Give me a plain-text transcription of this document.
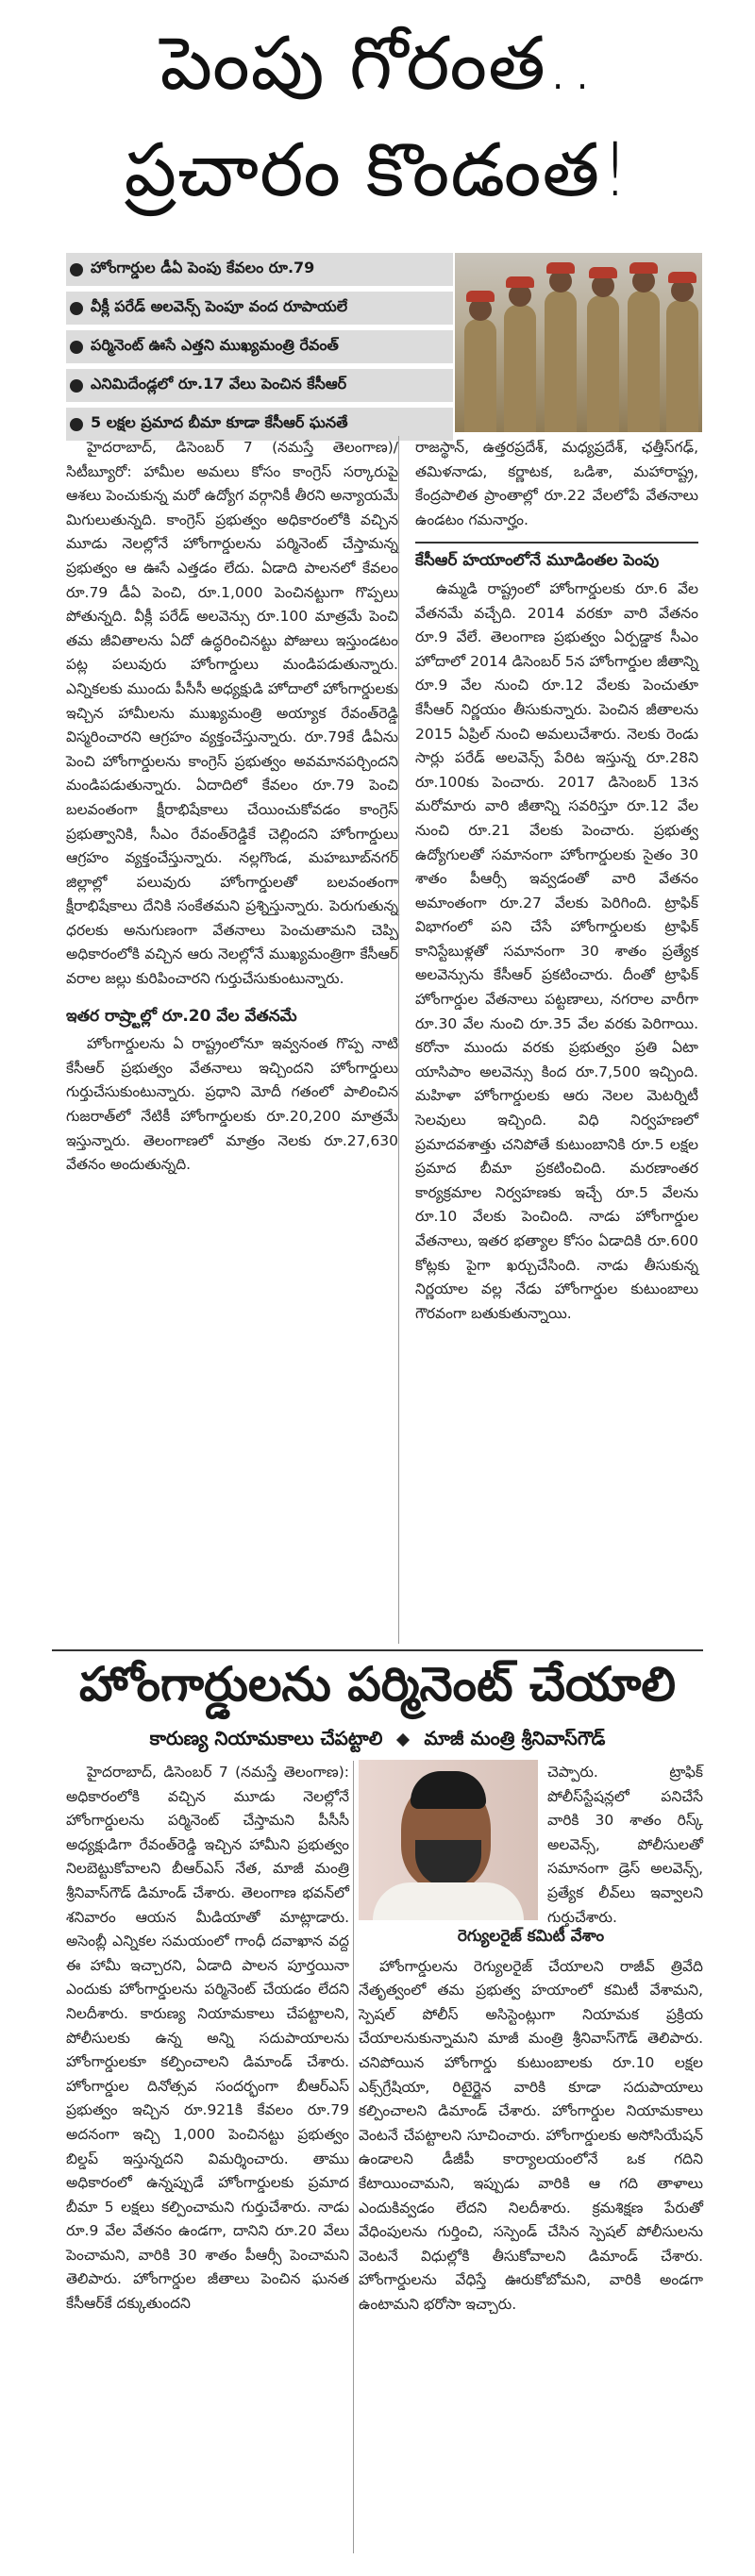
పెంపు గోరంత..
ప్రచారం కొండంత!
హోంగార్డుల డీఏ పెంపు కేవలం రూ.79
వీక్లీ పరేడ్ అలవెన్స్ పెంపూ వంద రూపాయలే
పర్మినెంట్ ఊసే ఎత్తని ముఖ్యమంత్రి రేవంత్
ఎనిమిదేండ్లలో రూ.17 వేలు పెంచిన కేసీఆర్
5 లక్షల ప్రమాద బీమా కూడా కేసీఆర్ ఘనతే

హైదరాబాద్, డిసెంబర్ 7 (నమస్తే తెలంగాణ)/సిటీబ్యూరో: హామీల అమలు కోసం కాంగ్రెస్ సర్కారుపై ఆశలు పెంచుకున్న మరో ఉద్యోగ వర్గానికీ తీరని అన్యాయమే మిగులుతున్నది. కాంగ్రెస్ ప్రభుత్వం అధికారంలోకి వచ్చిన మూడు నెలల్లోనే హోంగార్డులను పర్మినెంట్ చేస్తామన్న ప్రభుత్వం ఆ ఊసే ఎత్తడం లేదు. ఏడాది పాలనలో కేవలం రూ.79 డీఏ పెంచి, రూ.1,000 పెంచినట్టుగా గొప్పలు పోతున్నది. వీక్లీ పరేడ్ అలవెన్సు రూ.100 మాత్రమే పెంచి తమ జీవితాలను ఏదో ఉద్ధరించినట్టు పోజులు ఇస్తుండటం పట్ల పలువురు హోంగార్డులు మండిపడుతున్నారు. ఎన్నికలకు ముందు పీసీసీ అధ్యక్షుడి హోదాలో హోంగార్డులకు ఇచ్చిన హామీలను ముఖ్యమంత్రి అయ్యాక రేవంత్‌రెడ్డి విస్మరించారని ఆగ్రహం వ్యక్తంచేస్తున్నారు. రూ.79కే డీఏను పెంచి హోంగార్డులను కాంగ్రెస్ ప్రభుత్వం అవమానపర్చిందని మండిపడుతున్నారు. ఏదాదిలో కేవలం రూ.79 పెంచి బలవంతంగా క్షీరాభిషేకాలు చేయించుకోవడం కాంగ్రెస్ ప్రభుత్వానికి, సీఎం రేవంత్‌రెడ్డికే చెల్లిందని హోంగార్డులు ఆగ్రహం వ్యక్తంచేస్తున్నారు. నల్లగొండ, మహబూబ్‌నగర్ జిల్లాల్లో పలువురు హోంగార్డులతో బలవంతంగా క్షీరాభిషేకాలు దేనికి సంకేతమని ప్రశ్నిస్తున్నారు. పెరుగుతున్న ధరలకు అనుగుణంగా వేతనాలు పెంచుతామని చెప్పి అధికారంలోకి వచ్చిన ఆరు నెలల్లోనే ముఖ్యమంత్రిగా కేసీఆర్ వరాల జల్లు కురిపించారని గుర్తుచేసుకుంటున్నారు.

ఇతర రాష్ర్టాల్లో రూ.20 వేల వేతనమే

హోంగార్డులను ఏ రాష్ట్రంలోనూ ఇవ్వనంత గొప్ప నాటి కేసీఆర్ ప్రభుత్వం వేతనాలు ఇచ్చిందని హోంగార్డులు గుర్తుచేసుకుంటున్నారు. ప్రధాని మోదీ గతంలో పాలించిన గుజరాత్‌లో నేటికీ హోంగార్డులకు రూ.20,200 మాత్రమే ఇస్తున్నారు. తెలంగాణలో మాత్రం నెలకు రూ.27,630 వేతనం అందుతున్నది.

రాజస్థాన్, ఉత్తరప్రదేశ్, మధ్యప్రదేశ్, ఛత్తీస్‌గఢ్, తమిళనాడు, కర్ణాటక, ఒడిశా, మహారాష్ట్ర, కేంద్రపాలిత ప్రాంతాల్లో రూ.22 వేలలోపే వేతనాలు ఉండటం గమనార్హం.

కేసీఆర్ హయాంలోనే మూడింతల పెంపు

ఉమ్మడి రాష్ట్రంలో హోంగార్డులకు రూ.6 వేల వేతనమే వచ్చేది. 2014 వరకూ వారి వేతనం రూ.9 వేలే. తెలంగాణ ప్రభుత్వం ఏర్పడ్డాక సీఎం హోదాలో 2014 డిసెంబర్ 5న హోంగార్డుల జీతాన్ని రూ.9 వేల నుంచి రూ.12 వేలకు పెంచుతూ కేసీఆర్ నిర్ణయం తీసుకున్నారు. పెంచిన జీతాలను 2015 ఏప్రిల్ నుంచి అమలుచేశారు. నెలకు రెండు సార్లు పరేడ్ అలవెన్స్ పేరిట ఇస్తున్న రూ.28ని రూ.100కు పెంచారు. 2017 డిసెంబర్ 13న మరోమారు వారి జీతాన్ని సవరిస్తూ రూ.12 వేల నుంచి రూ.21 వేలకు పెంచారు. ప్రభుత్వ ఉద్యోగులతో సమానంగా హోంగార్డులకు సైతం 30 శాతం పీఆర్సీ ఇవ్వడంతో వారి వేతనం అమాంతంగా రూ.27 వేలకు పెరిగింది. ట్రాఫిక్ విభాగంలో పని చేసే హోంగార్డులకు ట్రాఫిక్ కానిస్టేబుళ్లతో సమానంగా 30 శాతం ప్రత్యేక అలవెన్సును కేసీఆర్ ప్రకటించారు. దీంతో ట్రాఫిక్ హోంగార్డుల వేతనాలు పట్టణాలు, నగరాల వారీగా రూ.30 వేల నుంచి రూ.35 వేల వరకు పెరిగాయి. కరోనా ముందు వరకు ప్రభుత్వం ప్రతి ఏటా యాసిపాం అలవెన్సు కింద రూ.7,500 ఇచ్చింది. మహిళా హోంగార్డులకు ఆరు నెలల మెటర్నిటీ సెలవులు ఇచ్చింది. విధి నిర్వహణలో ప్రమాదవశాత్తు చనిపోతే కుటుంబానికి రూ.5 లక్షల ప్రమాద బీమా ప్రకటించింది. మరణాంతర కార్యక్రమాల నిర్వహణకు ఇచ్చే రూ.5 వేలను రూ.10 వేలకు పెంచింది. నాడు హోంగార్డుల వేతనాలు, ఇతర భత్యాల కోసం ఏడాదికి రూ.600 కోట్లకు పైగా ఖర్చుచేసింది. నాడు తీసుకున్న నిర్ణయాల వల్ల నేడు హోంగార్డుల కుటుంబాలు గౌరవంగా బతుకుతున్నాయి.

హోంగార్డులను పర్మినెంట్ చేయాలి
కారుణ్య నియామకాలు చేపట్టాలి మాజీ మంత్రి శ్రీనివాస్‌గౌడ్

హైదరాబాద్, డిసెంబర్ 7 (నమస్తే తెలంగాణ): అధికారంలోకి వచ్చిన మూడు నెలల్లోనే హోంగార్డులను పర్మినెంట్ చేస్తామని పీసీసీ అధ్యక్షుడిగా రేవంత్‌రెడ్డి ఇచ్చిన హామీని ప్రభుత్వం నిలబెట్టుకోవాలని బీఆర్‌ఎస్ నేత, మాజీ మంత్రి శ్రీనివాస్‌గౌడ్ డిమాండ్ చేశారు. తెలంగాణ భవన్‌లో శనివారం ఆయన మీడియాతో మాట్లాడారు. అసెంబ్లీ ఎన్నికల సమయంలో గాంధీ దవాఖాన వద్ద ఈ హామీ ఇచ్చారని, ఏడాది పాలన పూర్తయినా ఎందుకు హోంగార్డులను పర్మినెంట్ చేయడం లేదని నిలదీశారు. కారుణ్య నియామకాలు చేపట్టాలని, పోలీసులకు ఉన్న అన్ని సదుపాయాలను హోంగార్డులకూ కల్పించాలని డిమాండ్ చేశారు. హోంగార్డుల దినోత్సవ సందర్భంగా బీఆర్‌ఎస్ ప్రభుత్వం ఇచ్చిన రూ.921కి కేవలం రూ.79 అదనంగా ఇచ్చి 1,000 పెంచినట్టు ప్రభుత్వం బిల్డప్ ఇస్తున్నదని విమర్శించారు. తాము అధికారంలో ఉన్నప్పుడే హోంగార్డులకు ప్రమాద బీమా 5 లక్షలు కల్పించామని గుర్తుచేశారు. నాడు రూ.9 వేల వేతనం ఉండగా, దానిని రూ.20 వేలు పెంచామని, వారికి 30 శాతం పీఆర్సీ పెంచామని తెలిపారు. హోంగార్డుల జీతాలు పెంచిన ఘనత కేసీఆర్‌కే దక్కుతుందని

చెప్పారు. ట్రాఫిక్ పోలీస్‌స్టేషన్లలో పనిచేసే వారికి 30 శాతం రిస్క్ అలవెన్స్, పోలీసులతో సమానంగా డ్రెస్ అలవెన్స్, ప్రత్యేక లీవ్‌లు ఇవ్వాలని గుర్తుచేశారు.

రెగ్యులరైజ్ కమిటీ వేశాం

హోంగార్డులను రెగ్యులరైజ్ చేయాలని రాజీవ్ త్రివేది నేతృత్వంలో తమ ప్రభుత్వ హయాంలో కమిటీ వేశామని, స్పెషల్ పోలీస్ అసిస్టెంట్లుగా నియామక ప్రక్రియ చేయాలనుకున్నామని మాజీ మంత్రి శ్రీనివాస్‌గౌడ్ తెలిపారు. చనిపోయిన హోంగార్డు కుటుంబాలకు రూ.10 లక్షల ఎక్స్‌గ్రేషియా, రిటైర్డైన వారికి కూడా సదుపాయాలు కల్పించాలని డిమాండ్ చేశారు. హోంగార్డుల నియామకాలు వెంటనే చేపట్టాలని సూచించారు. హోంగార్డులకు అసోసియేషన్ ఉండాలని డీజీపీ కార్యాలయంలోనే ఒక గదిని కేటాయించామని, ఇప్పుడు వారికి ఆ గది తాళాలు ఎందుకివ్వడం లేదని నిలదీశారు. క్రమశిక్షణ పేరుతో వేధింపులను గుర్తించి, సస్పెండ్ చేసిన స్పెషల్ పోలీసులను వెంటనే విధుల్లోకి తీసుకోవాలని డిమాండ్ చేశారు. హోంగార్డులను వేధిస్తే ఊరుకోబోమని, వారికి అండగా ఉంటామని భరోసా ఇచ్చారు.
